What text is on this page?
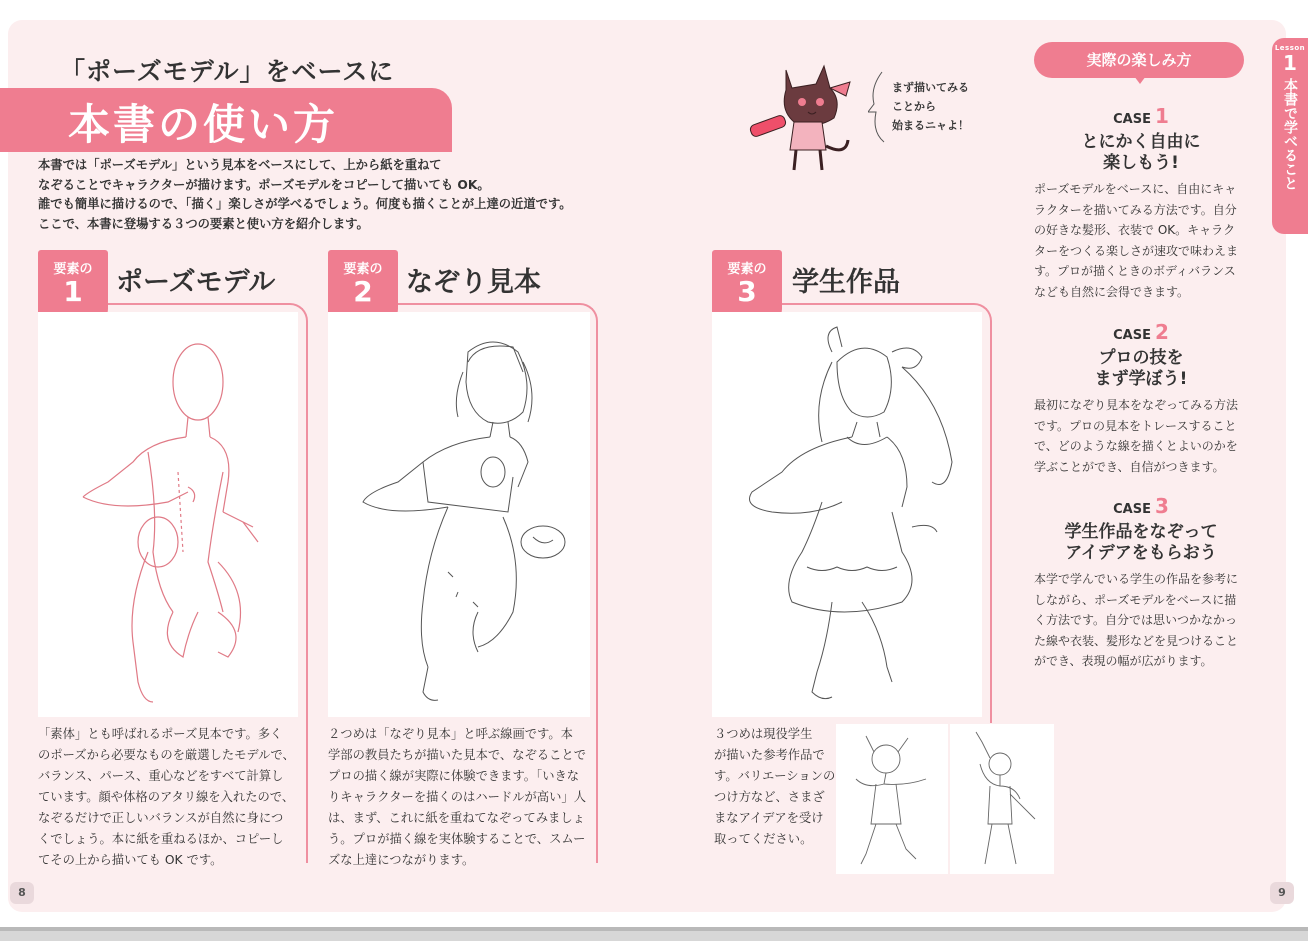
「ポーズモデル」をベースに
本書の使い方

本書では「ポーズモデル」という見本をベースにして、上から紙を重ねて

なぞることでキャラクターが描けます。ポーズモデルをコピーして描いても OK。

誰でも簡単に描けるので、「描く」楽しさが学べるでしょう。何度も描くことが上達の近道です。

ここで、本書に登場する３つの要素と使い方を紹介します。

要素の
1	ポーズモデル

「素体」とも呼ばれるポーズ見本です。多く

のポーズから必要なものを厳選したモデルで、

バランス、パース、重心などをすべて計算し

ています。顔や体格のアタリ線を入れたので、

なぞるだけで正しいバランスが自然に身につ

くでしょう。本に紙を重ねるほか、コピーし

てその上から描いても OK です。

要素の
2	なぞり見本

２つめは「なぞり見本」と呼ぶ線画です。本

学部の教員たちが描いた見本で、なぞることで

プロの描く線が実際に体験できます。「いきな

りキャラクターを描くのはハードルが高い」人

は、まず、これに紙を重ねてなぞってみましょ

う。プロが描く線を実体験することで、スムー

ズな上達につながります。

要素の
3	学生作品

３つめは現役学生

が描いた参考作品で

す。バリエーションの

つけ方など、さまざ

まなアイデアを受け

取ってください。

まず描いてみる
ことから
始まるニャよ！
Lesson
1
本書で学べること
実際の楽しみ方
CASE 1
とにかく自由に
楽しもう!

ポーズモデルをベースに、自由にキャ

ラクターを描いてみる方法です。自分

の好きな髪形、衣装で OK。キャラク

ターをつくる楽しさが速攻で味わえま

す。プロが描くときのボディバランス

なども自然に会得できます。

CASE 2
プロの技を
まず学ぼう!

最初になぞり見本をなぞってみる方法

です。プロの見本をトレースすること

で、どのような線を描くとよいのかを

学ぶことができ、自信がつきます。

CASE 3
学生作品をなぞって
アイデアをもらおう

本学で学んでいる学生の作品を参考に

しながら、ポーズモデルをベースに描

く方法です。自分では思いつかなかっ

た線や衣装、髪形などを見つけること

ができ、表現の幅が広がります。

8	9
